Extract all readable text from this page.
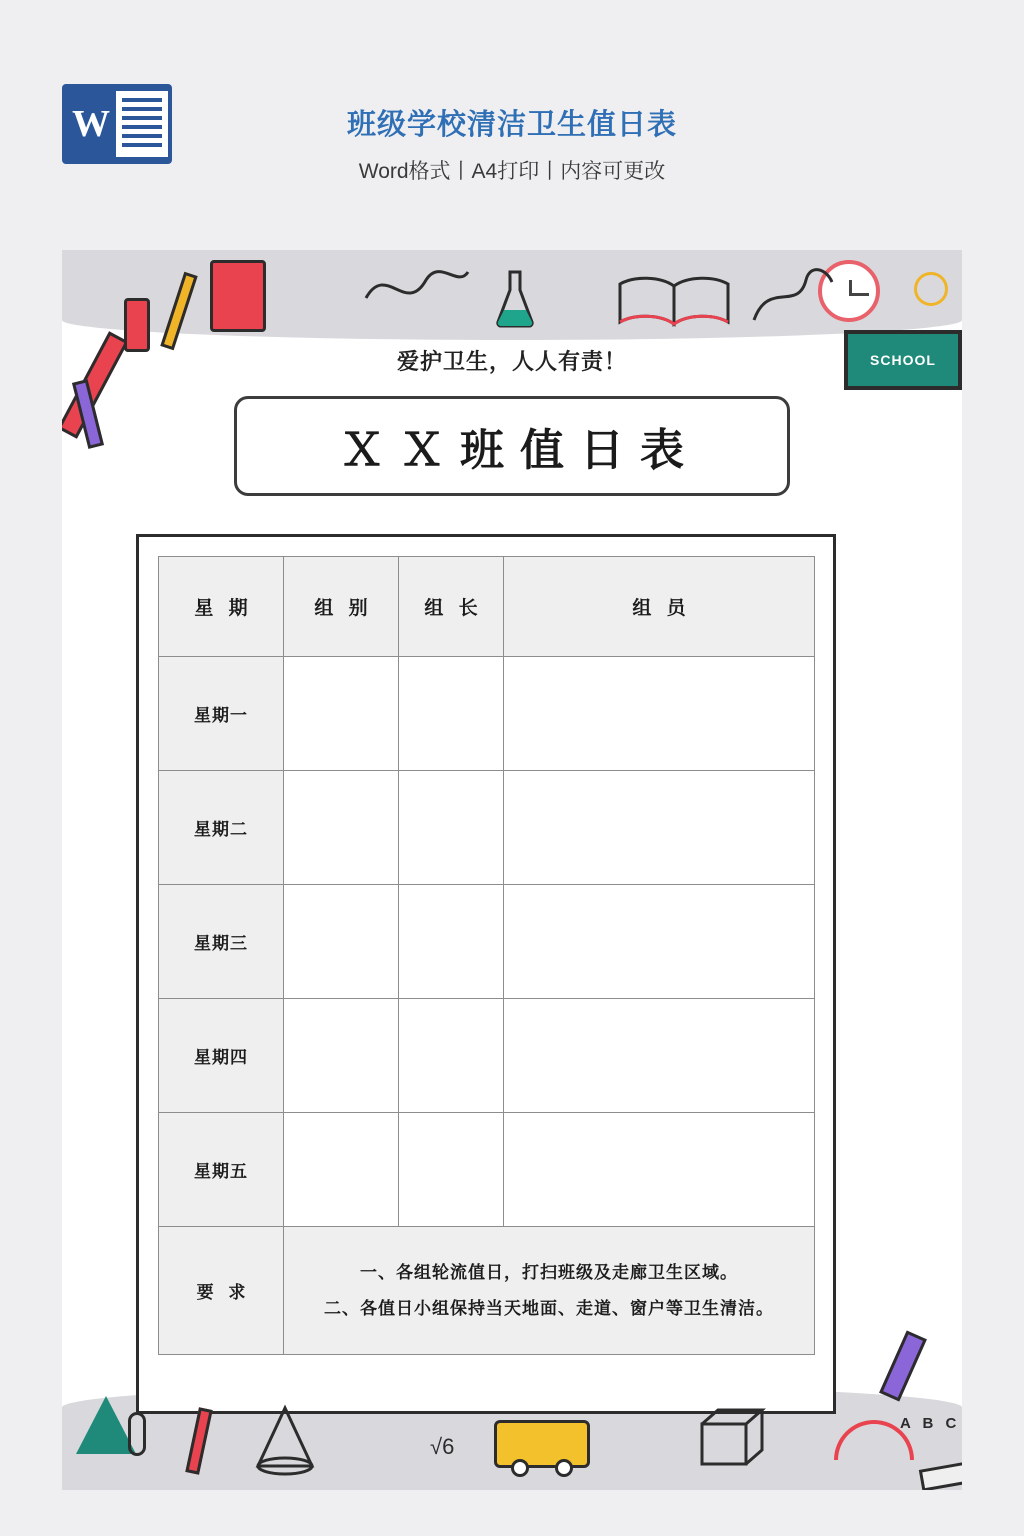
W	班级学校清洁卫生值日表
Word格式丨A4打印丨内容可更改
SCHOOL
爱护卫生，人人有责！
ＸＸ班值日表
星 期	组 别	组 长	组 员
星期一			
星期二			
星期三			
星期四			
星期五			
要 求	一、各组轮流值日，打扫班级及走廊卫生区域。
二、各值日小组保持当天地面、走道、窗户等卫生清洁。		
√6
A B C
